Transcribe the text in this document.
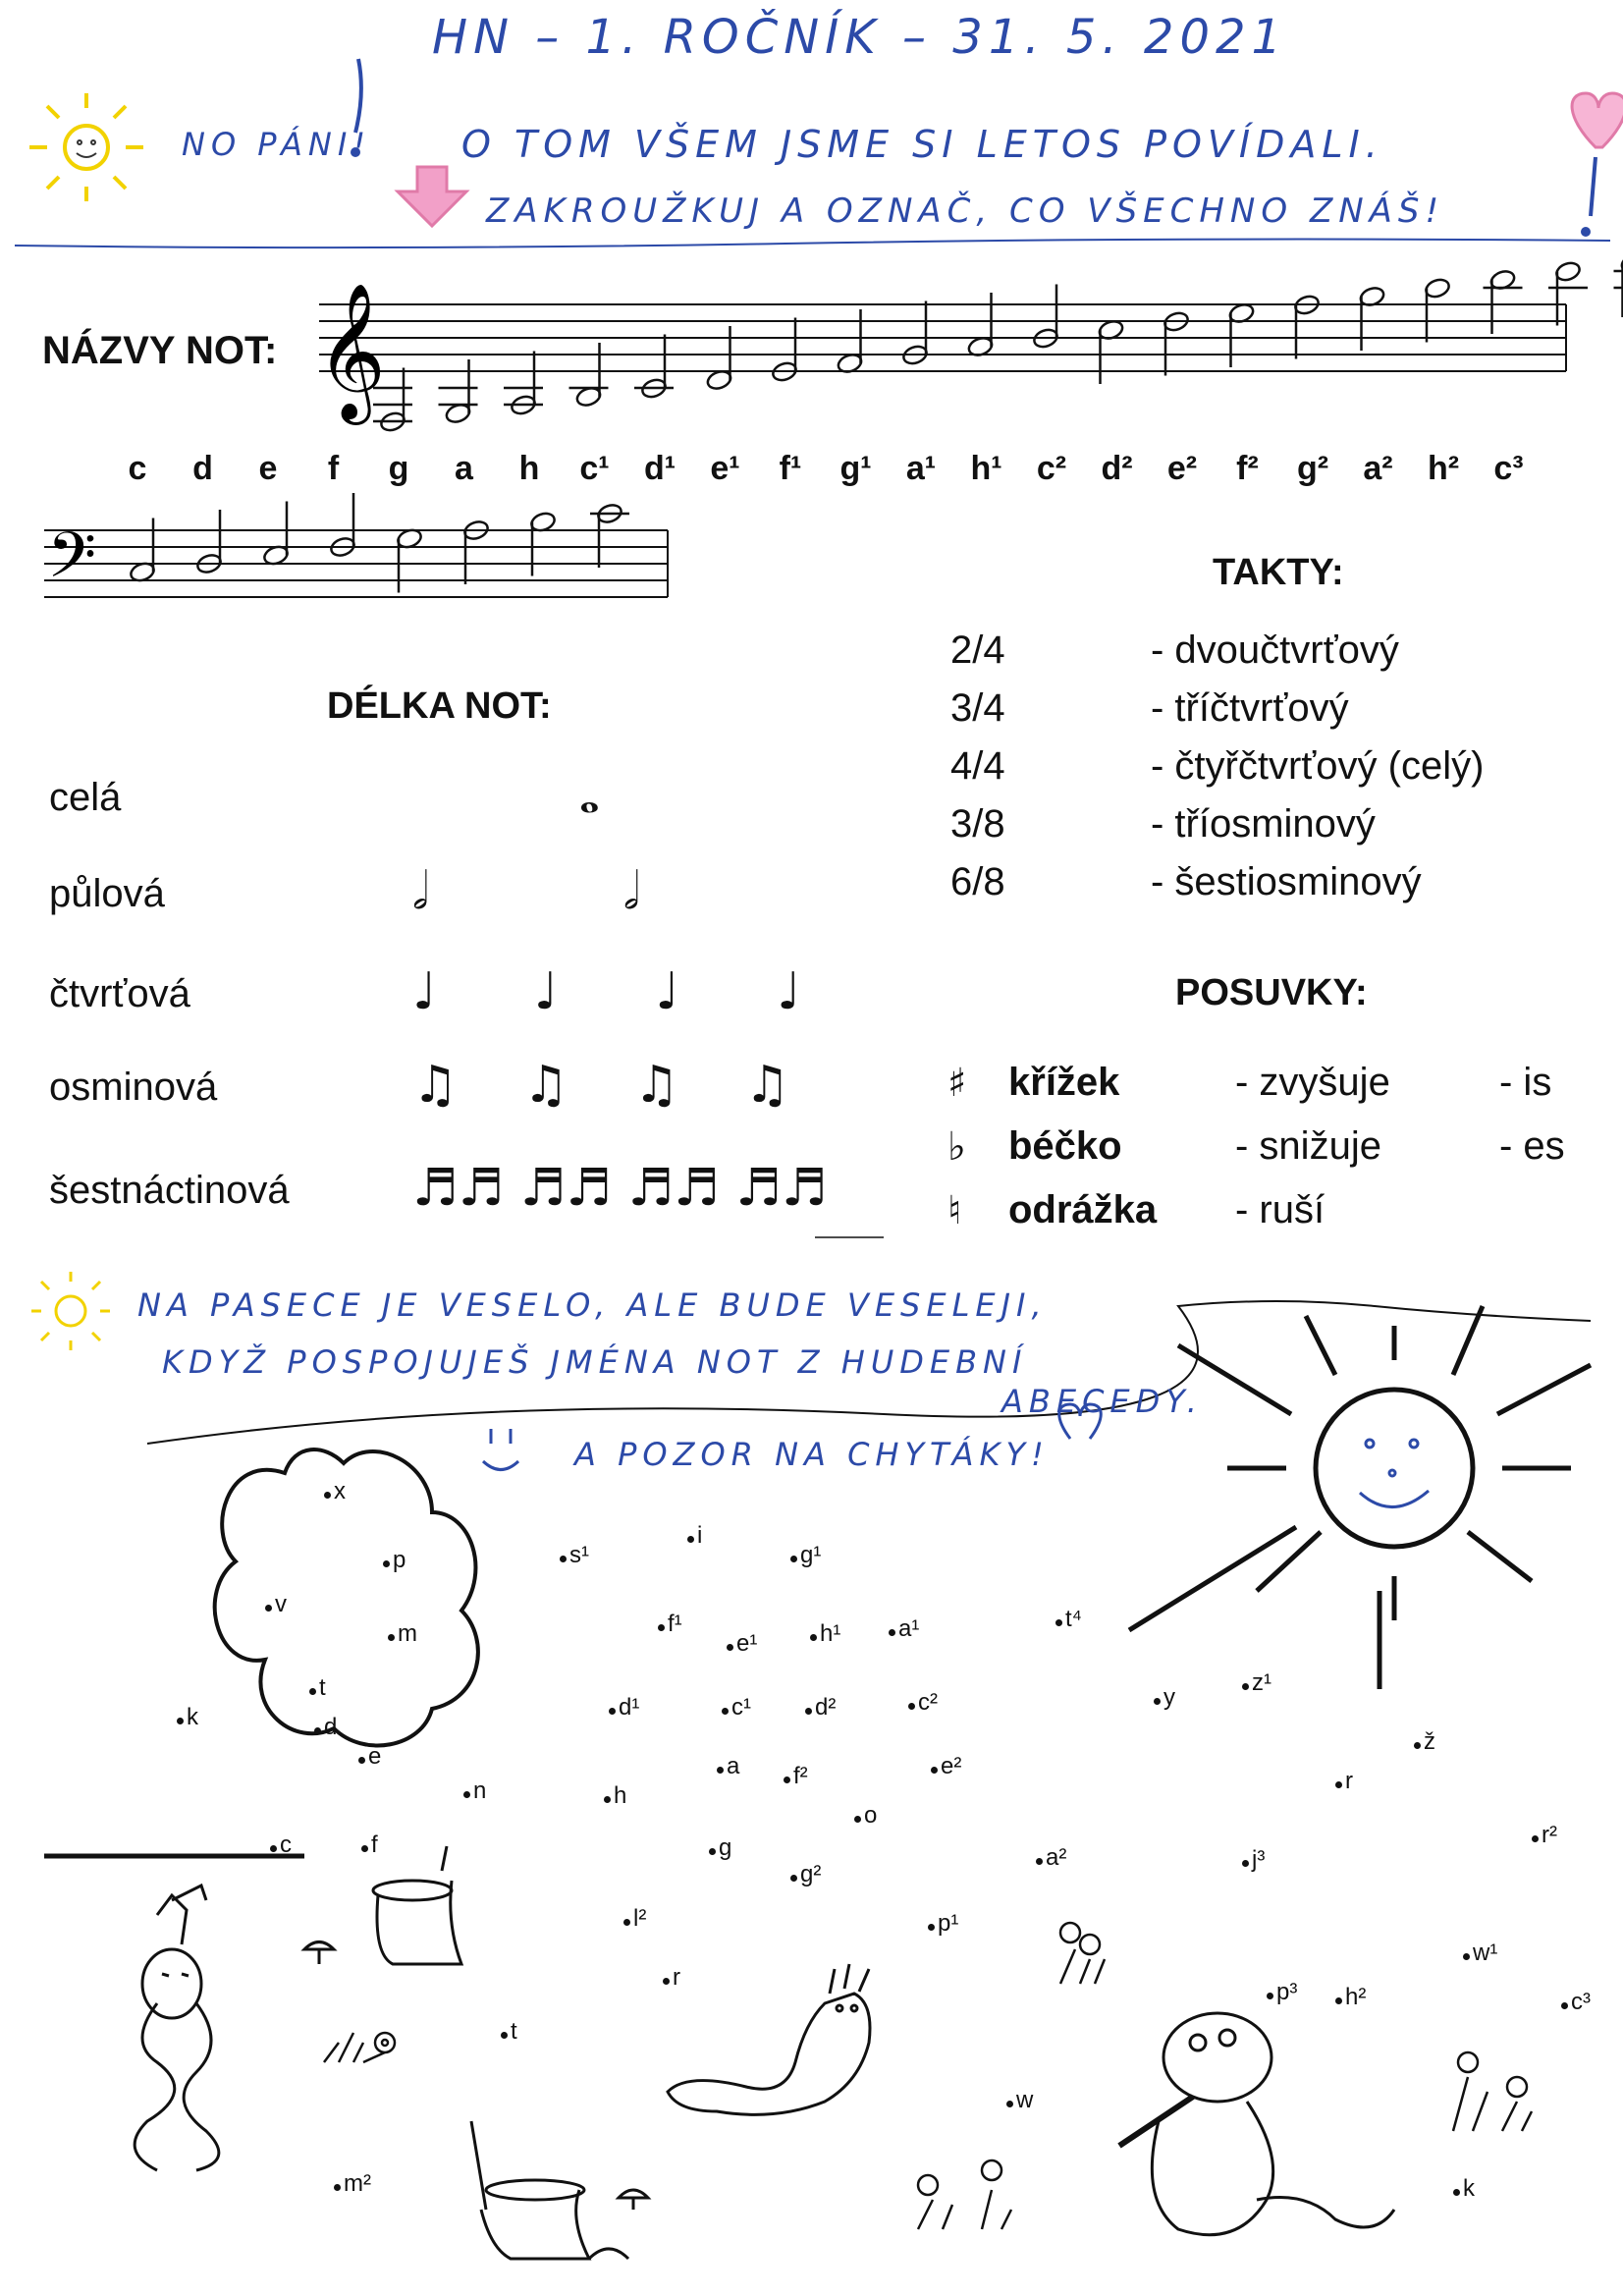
𝄞
𝄢
HN – 1. ROČNÍK – 31. 5. 2021
NO PÁNI! O TOM VŠEM JSME SI LETOS POVÍDALI.
ZAKROUŽKUJ A OZNAČ, CO VŠECHNO ZNÁŠ!
NÁZVY NOT:
c	d	e	f	g	a	h	c¹	d¹	e¹	f¹	g¹	a¹	h¹	c²	d²	e²	f²	g²	a²	h²	c³
DÉLKA NOT:
celá	𝅝
půlová	𝅗𝅥            𝅗𝅥
čtvrťová	♩      ♩      ♩      ♩
osminová	♫    ♫    ♫    ♫
šestnáctinová ♬♬ ♬♬ ♬♬ ♬♬
TAKTY:
2/4	- dvoučtvrťový
3/4	- tříčtvrťový
4/4	- čtyřčtvrťový (celý)
3/8	- tříosminový
6/8	- šestiosminový
POSUVKY:
♯ křížek	- zvyšuje	- is
♭ béčko	- snižuje	- es
♮ odrážka - ruší
NA PASECE JE VESELO, ALE BUDE VESELEJI,
KDYŽ POSPOJUJEŠ JMÉNA NOT Z HUDEBNÍ
ABECEDY.
A POZOR NA CHYTÁKY!
x
p
v
m
t
d
e
k
c	f
s¹
i
g¹
f¹
e¹	h¹ a¹	t⁴
d¹	c¹	d²	c²	y
z¹
ž
a f²	e²
n	h
o
r
g
g²
a²	j³
r²
l²	p¹
w¹
r
p³ h²	c³
t
w
m²	k
